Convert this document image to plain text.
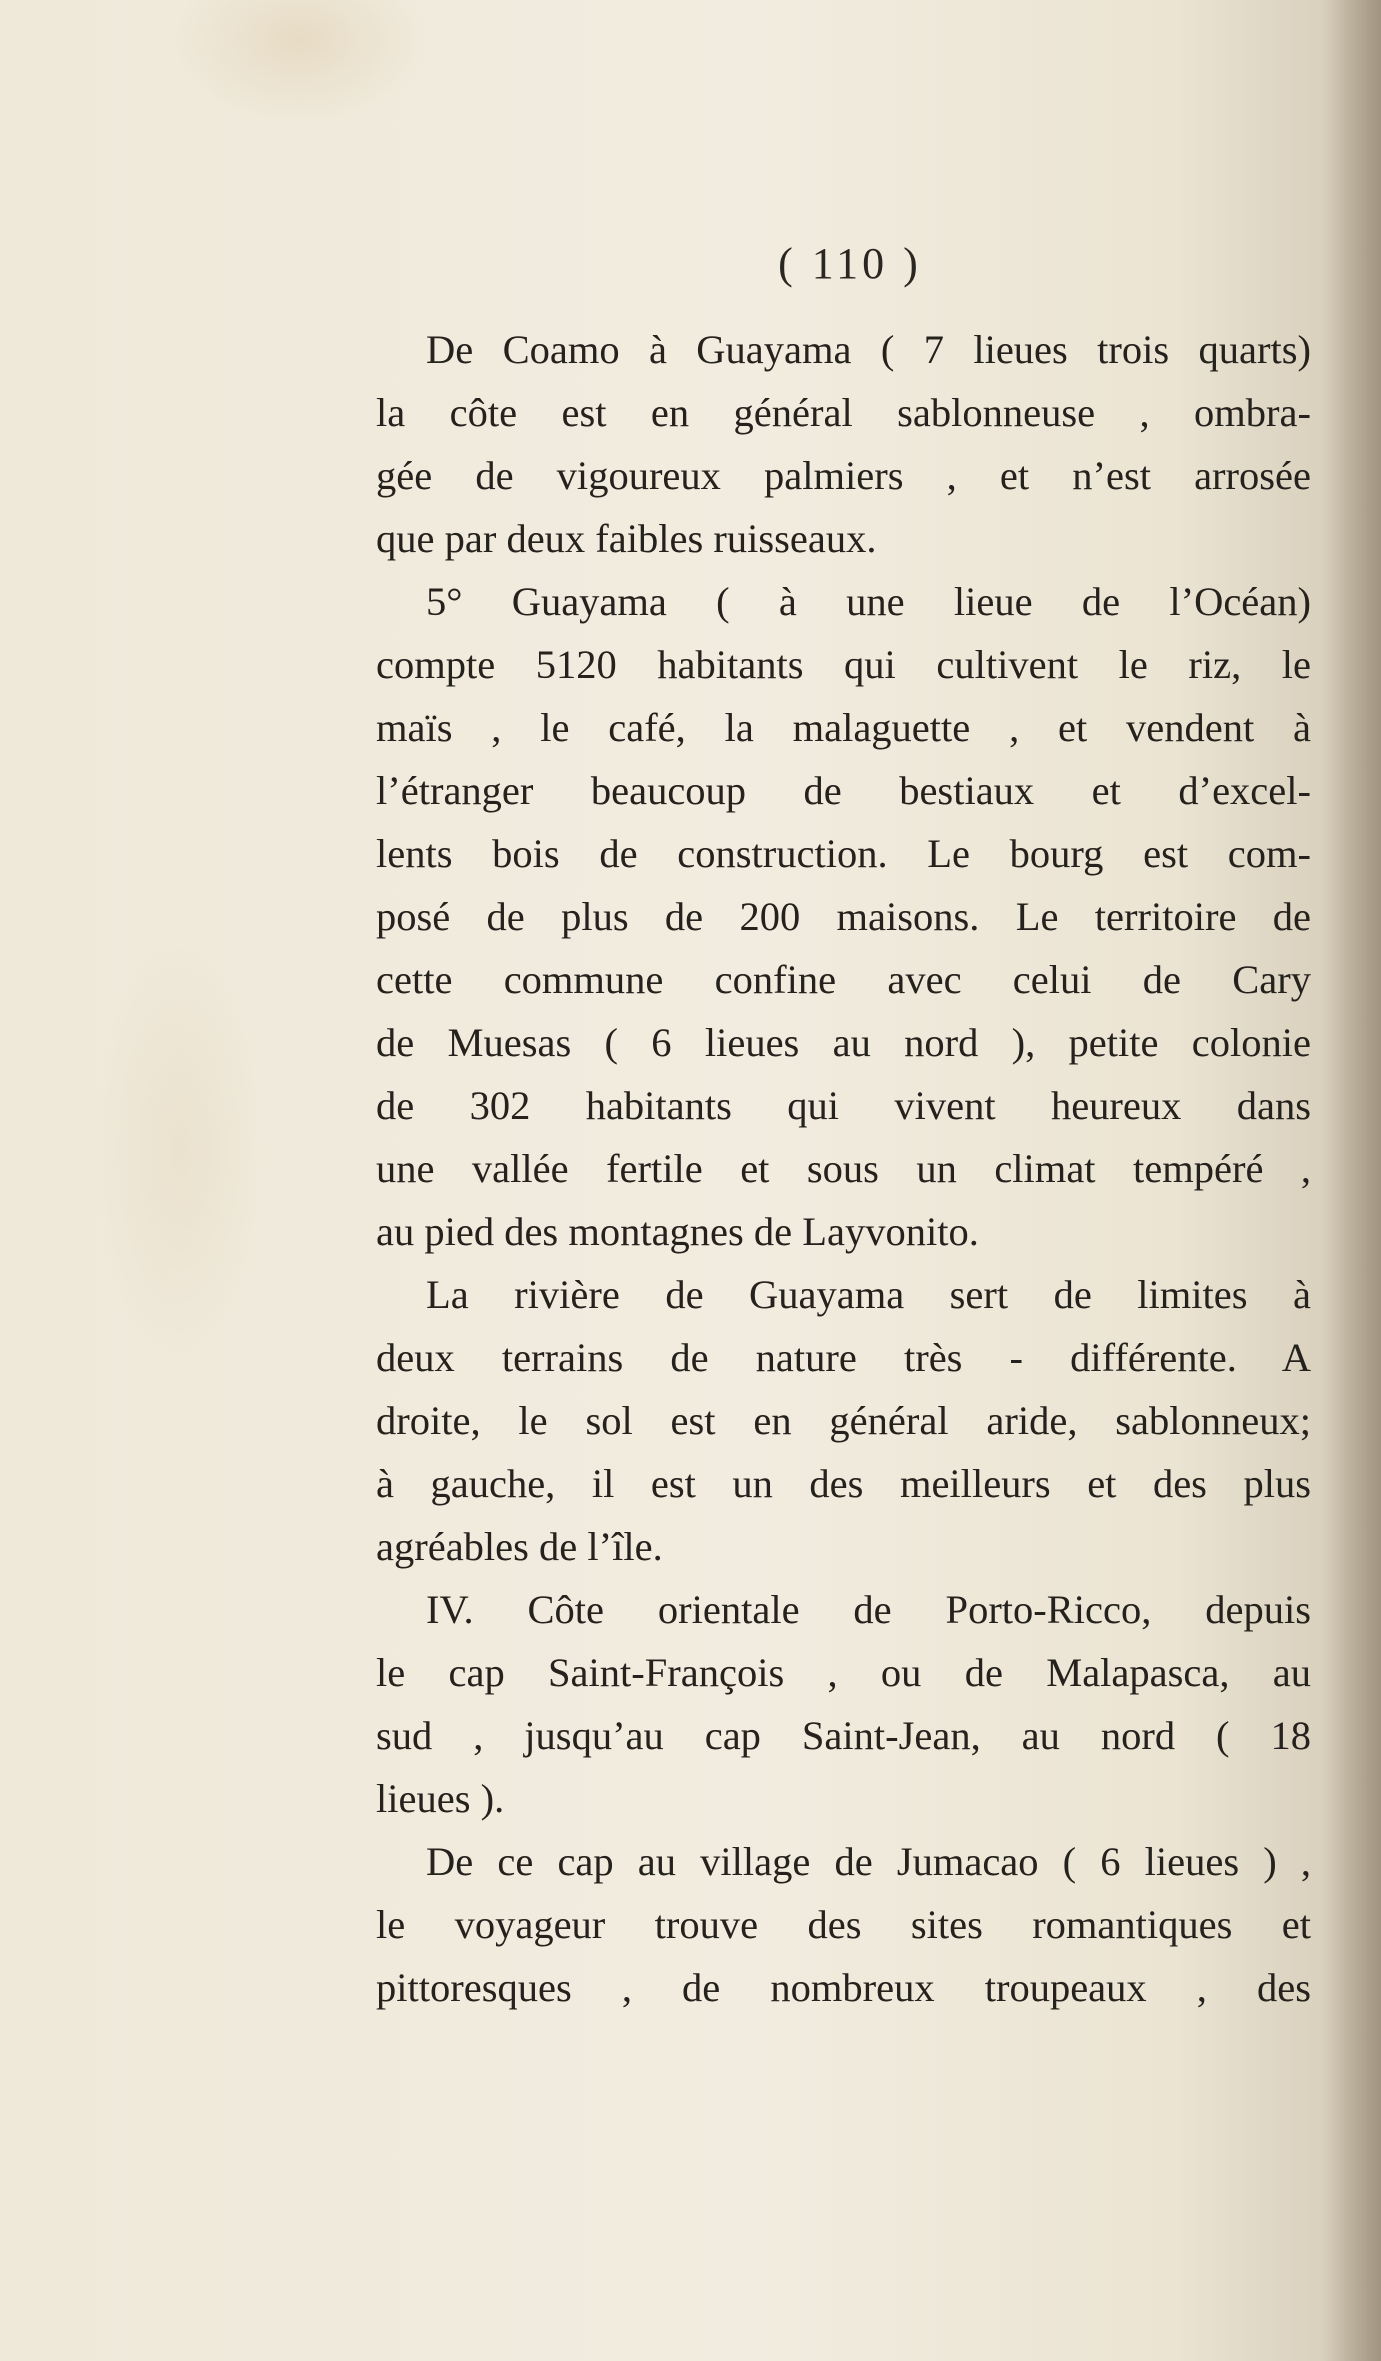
( 110 )
De Coamo à Guayama ( 7 lieues trois quarts)
la côte est en général sablonneuse , ombra-
gée de vigoureux palmiers , et n’est arrosée
que par deux faibles ruisseaux.
5° Guayama ( à une lieue de l’Océan)
compte 5120 habitants qui cultivent le riz, le
maïs , le café, la malaguette , et vendent à
l’étranger beaucoup de bestiaux et d’excel-
lents bois de construction. Le bourg est com-
posé de plus de 200 maisons. Le territoire de
cette commune confine avec celui de Cary
de Muesas ( 6 lieues au nord ), petite colonie
de 302 habitants qui vivent heureux dans
une vallée fertile et sous un climat tempéré ,
au pied des montagnes de Layvonito.
La rivière de Guayama sert de limites à
deux terrains de nature très - différente. A
droite, le sol est en général aride, sablonneux;
à gauche, il est un des meilleurs et des plus
agréables de l’île.
IV. Côte orientale de Porto-Ricco, depuis
le cap Saint-François , ou de Malapasca, au
sud , jusqu’au cap Saint-Jean, au nord ( 18
lieues ).
De ce cap au village de Jumacao ( 6 lieues ) ,
le voyageur trouve des sites romantiques et
pittoresques , de nombreux troupeaux , des
